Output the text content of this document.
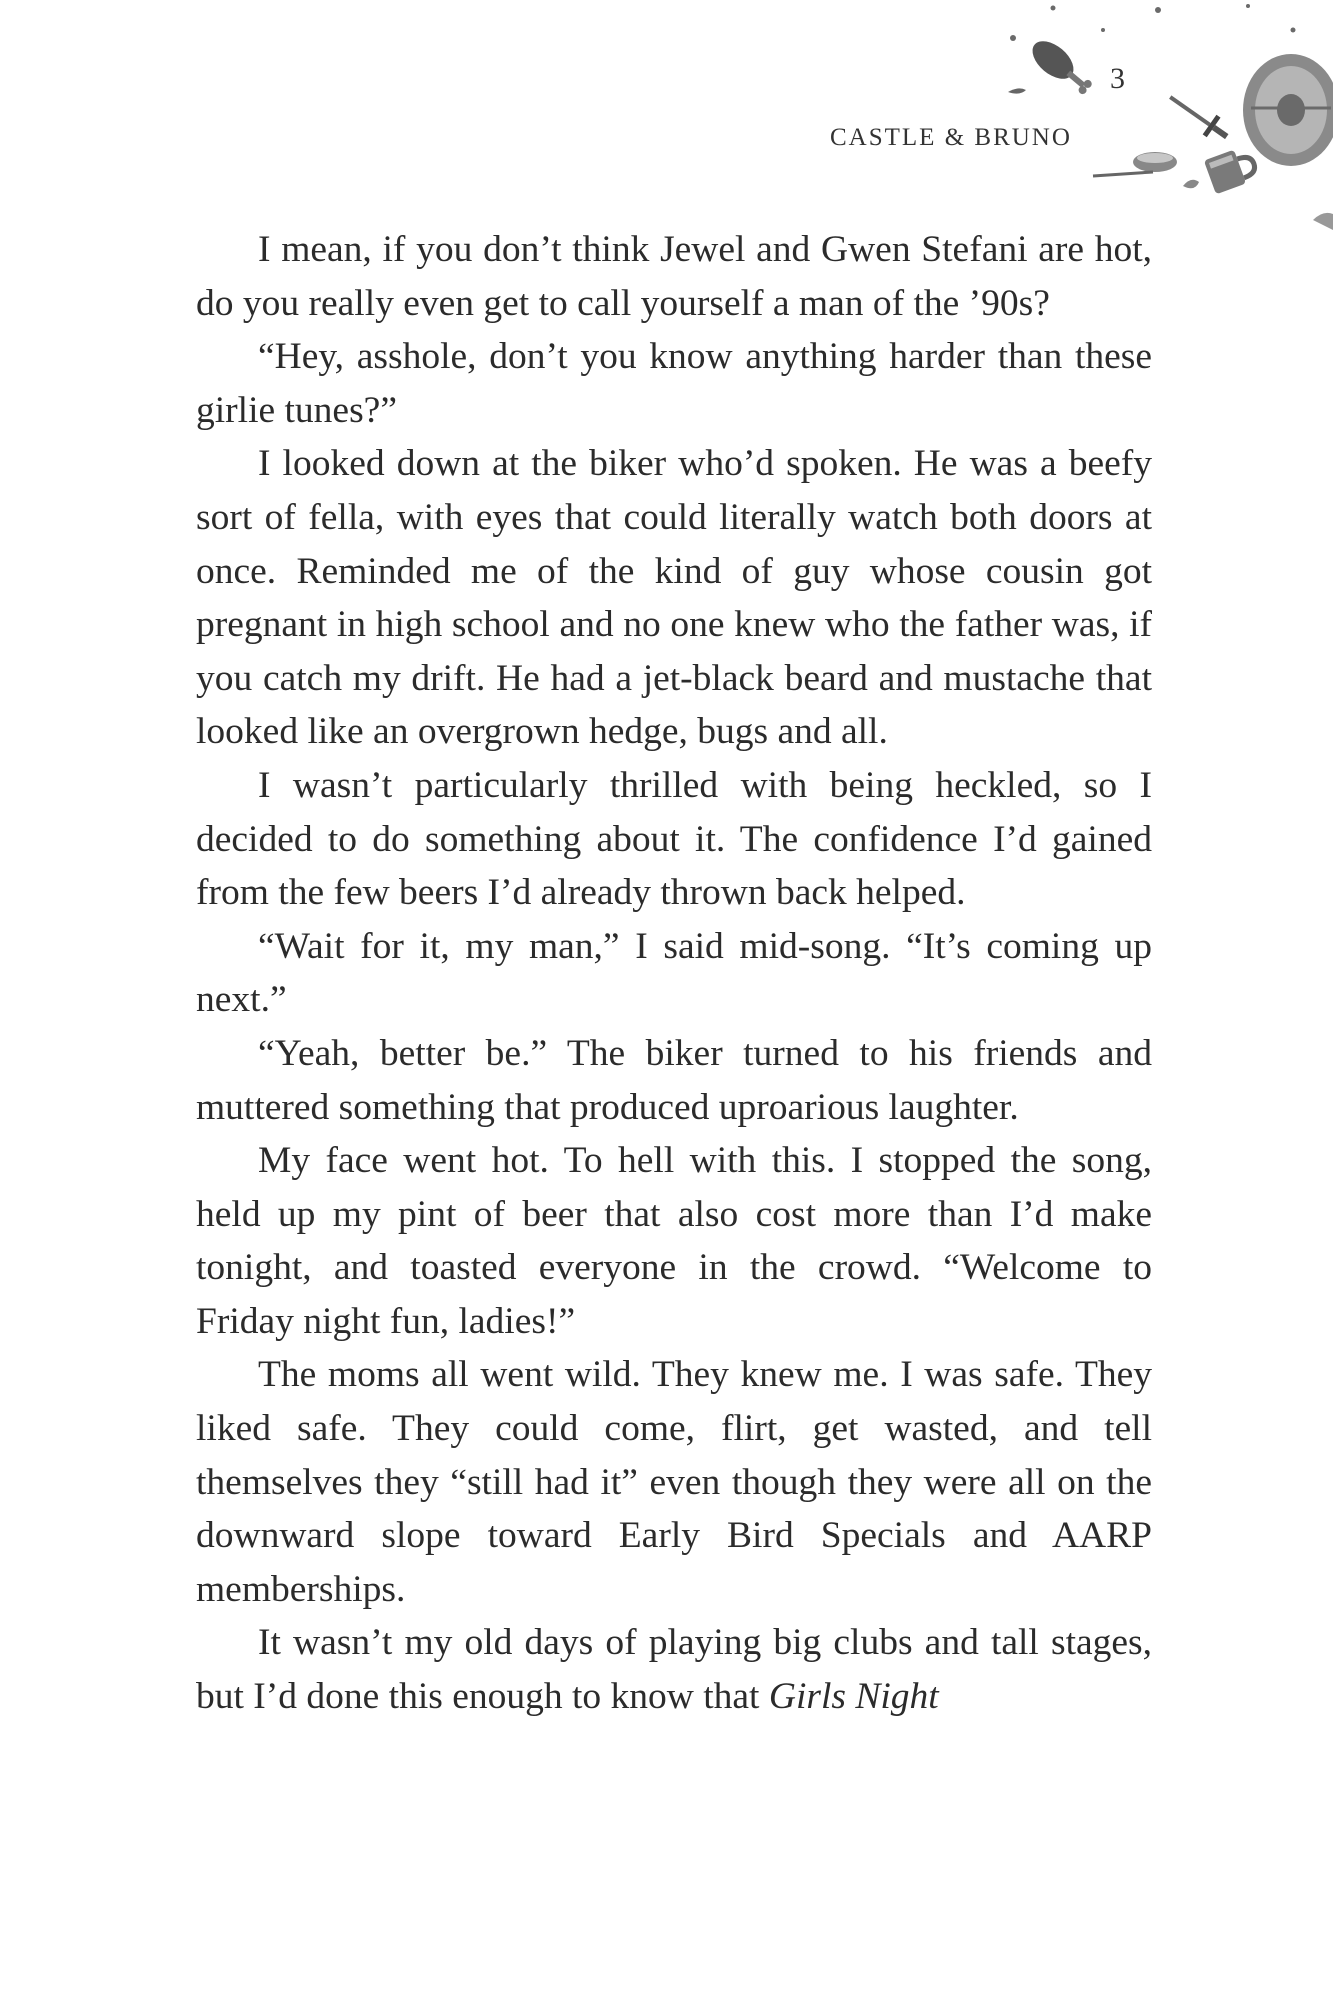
3
CASTLE & BRUNO

I mean, if you don’t think Jewel and Gwen Stefani are hot, do you really even get to call yourself a man of the ’90s?

“Hey, asshole, don’t you know anything harder than these girlie tunes?”

I looked down at the biker who’d spoken. He was a beefy sort of fella, with eyes that could literally watch both doors at once. Reminded me of the kind of guy whose cousin got pregnant in high school and no one knew who the father was, if you catch my drift. He had a jet-black beard and mustache that looked like an overgrown hedge, bugs and all.

I wasn’t particularly thrilled with being heckled, so I decided to do something about it. The confidence I’d gained from the few beers I’d already thrown back helped.

“Wait for it, my man,” I said mid-song. “It’s coming up next.”

“Yeah, better be.” The biker turned to his friends and muttered something that produced uproarious laughter.

My face went hot. To hell with this. I stopped the song, held up my pint of beer that also cost more than I’d make tonight, and toasted everyone in the crowd. “Welcome to Friday night fun, ladies!”

The moms all went wild. They knew me. I was safe. They liked safe. They could come, flirt, get wasted, and tell themselves they “still had it” even though they were all on the downward slope toward Early Bird Specials and AARP memberships.

It wasn’t my old days of playing big clubs and tall stages, but I’d done this enough to know that Girls Night
